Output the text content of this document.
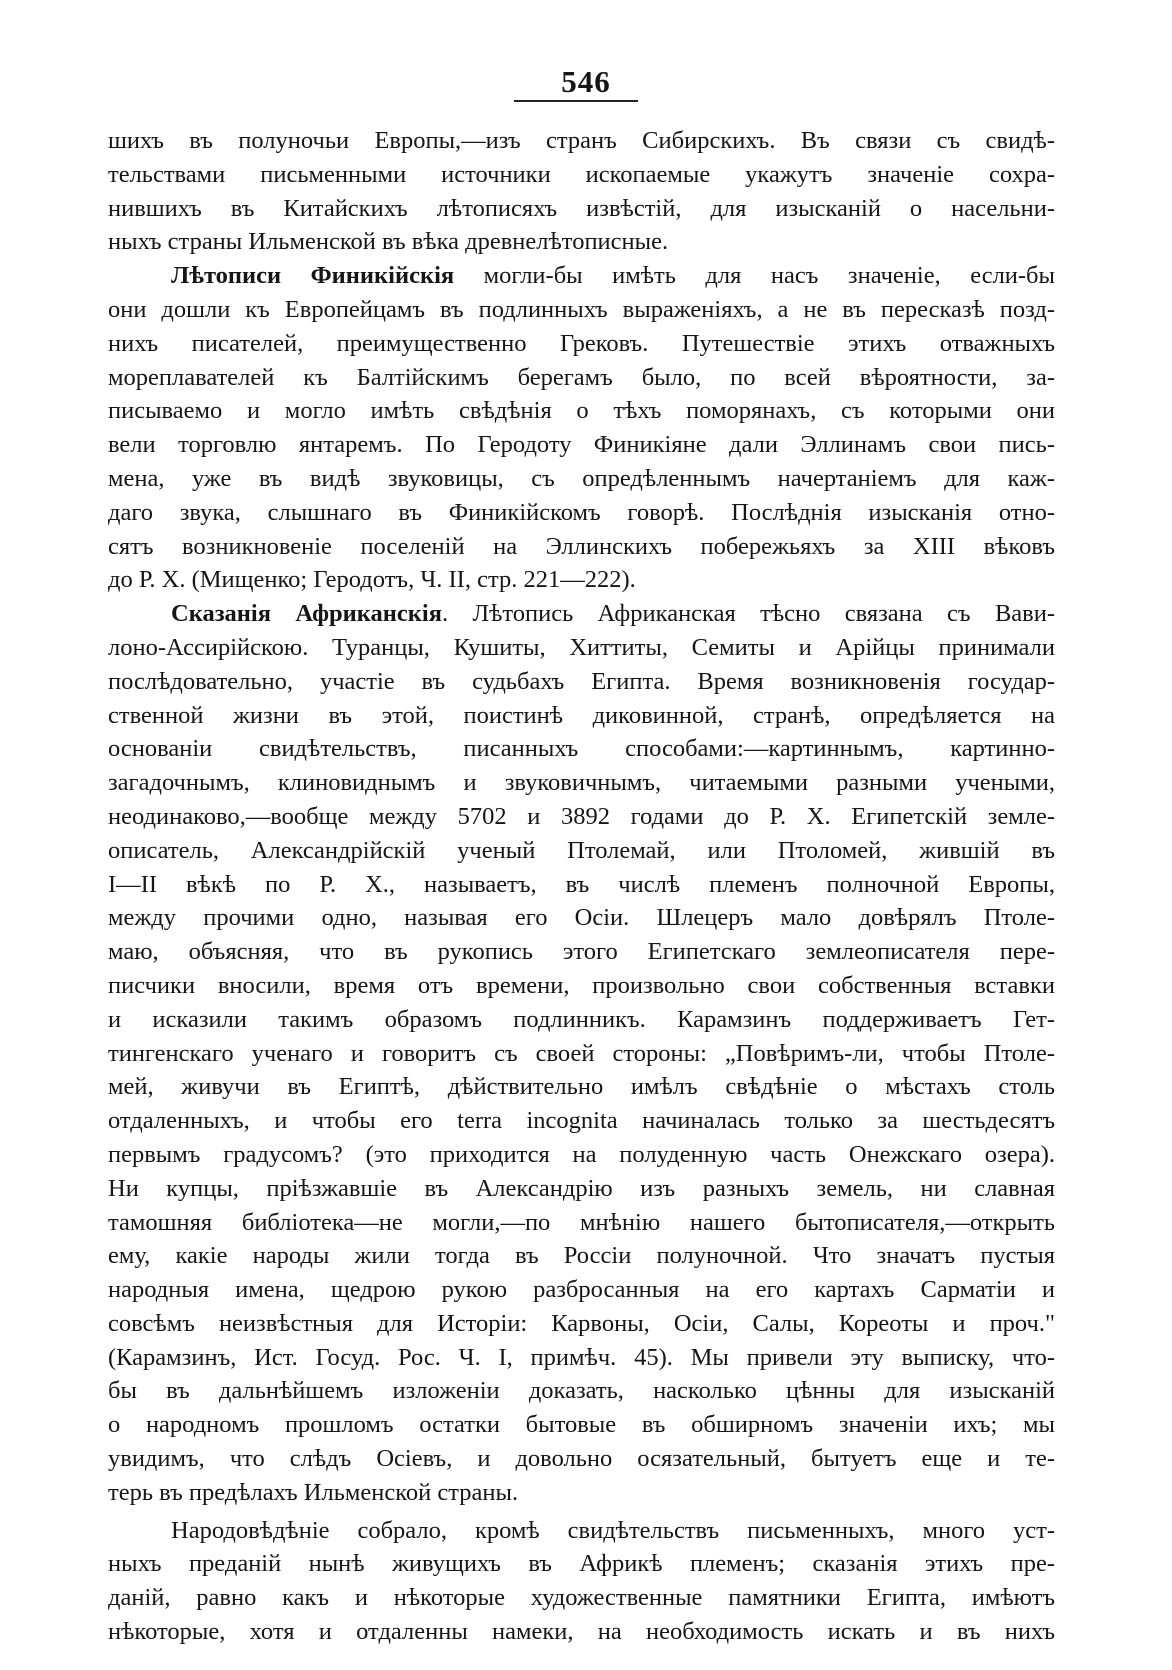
546
шихъ въ полуночьи Европы,—изъ странъ Сибирскихъ. Въ связи съ свидѣ-
тельствами письменными источники ископаемые укажутъ значеніе сохра-
нившихъ въ Китайскихъ лѣтописяхъ извѣстій, для изысканій о насельни-
ныхъ страны Ильменской въ вѣка древнелѣтописные.
Лѣтописи Финикійскія могли-бы имѣть для насъ значеніе, если-бы
они дошли къ Европейцамъ въ подлинныхъ выраженіяхъ, а не въ пересказѣ позд-
нихъ писателей, преимущественно Грековъ. Путешествіе этихъ отважныхъ
мореплавателей къ Балтійскимъ берегамъ было, по всей вѣроятности, за-
писываемо и могло имѣть свѣдѣнія о тѣхъ поморянахъ, съ которыми они
вели торговлю янтаремъ. По Геродоту Финикіяне дали Эллинамъ свои пись-
мена, уже въ видѣ звуковицы, съ опредѣленнымъ начертаніемъ для каж-
даго звука, слышнаго въ Финикійскомъ говорѣ. Послѣднія изысканія отно-
сятъ возникновеніе поселеній на Эллинскихъ побережьяхъ за XIII вѣковъ
до Р. Х. (Мищенко; Геродотъ, Ч. II, стр. 221—222).
Сказанія Африканскія. Лѣтопись Африканская тѣсно связана съ Вави-
лоно-Ассирійскою. Туранцы, Кушиты, Хиттиты, Семиты и Арійцы принимали
послѣдовательно, участіе въ судьбахъ Египта. Время возникновенія государ-
ственной жизни въ этой, поистинѣ диковинной, странѣ, опредѣляется на
основаніи свидѣтельствъ, писанныхъ способами:—картиннымъ, картинно-
загадочнымъ, клиновиднымъ и звуковичнымъ, читаемыми разными учеными,
неодинаково,—вообще между 5702 и 3892 годами до Р. Х. Египетскій земле-
описатель, Александрійскій ученый Птолемай, или Птоломей, жившій въ
I—II вѣкѣ по Р. Х., называетъ, въ числѣ племенъ полночной Европы,
между прочими одно, называя его Осіи. Шлецеръ мало довѣрялъ Птоле-
маю, объясняя, что въ рукопись этого Египетскаго землеописателя пере-
писчики вносили, время отъ времени, произвольно свои собственныя вставки
и исказили такимъ образомъ подлинникъ. Карамзинъ поддерживаетъ Гет-
тингенскаго ученаго и говоритъ съ своей стороны: „Повѣримъ-ли, чтобы Птоле-
мей, живучи въ Египтѣ, дѣйствительно имѣлъ свѣдѣніе о мѣстахъ столь
отдаленныхъ, и чтобы его terra incognita начиналась только за шестьдесятъ
первымъ градусомъ? (это приходится на полуденную часть Онежскаго озера).
Ни купцы, пріѣзжавшіе въ Александрію изъ разныхъ земель, ни славная
тамошняя библіотека—не могли,—по мнѣнію нашего бытописателя,—открыть
ему, какіе народы жили тогда въ Россіи полуночной. Что значатъ пустыя
народныя имена, щедрою рукою разбросанныя на его картахъ Сарматіи и
совсѣмъ неизвѣстныя для Исторіи: Карвоны, Осіи, Салы, Кореоты и проч."
(Карамзинъ, Ист. Госуд. Рос. Ч. I, примѣч. 45). Мы привели эту выписку, что-
бы въ дальнѣйшемъ изложеніи доказать, насколько цѣнны для изысканій
о народномъ прошломъ остатки бытовые въ обширномъ значеніи ихъ; мы
увидимъ, что слѣдъ Осіевъ, и довольно осязательный, бытуетъ еще и те-
терь въ предѣлахъ Ильменской страны.
Народовѣдѣніе собрало, кромѣ свидѣтельствъ письменныхъ, много уст-
ныхъ преданій нынѣ живущихъ въ Африкѣ племенъ; сказанія этихъ пре-
даній, равно какъ и нѣкоторые художественные памятники Египта, имѣютъ
нѣкоторые, хотя и отдаленны намеки, на необходимость искать и въ нихъ
